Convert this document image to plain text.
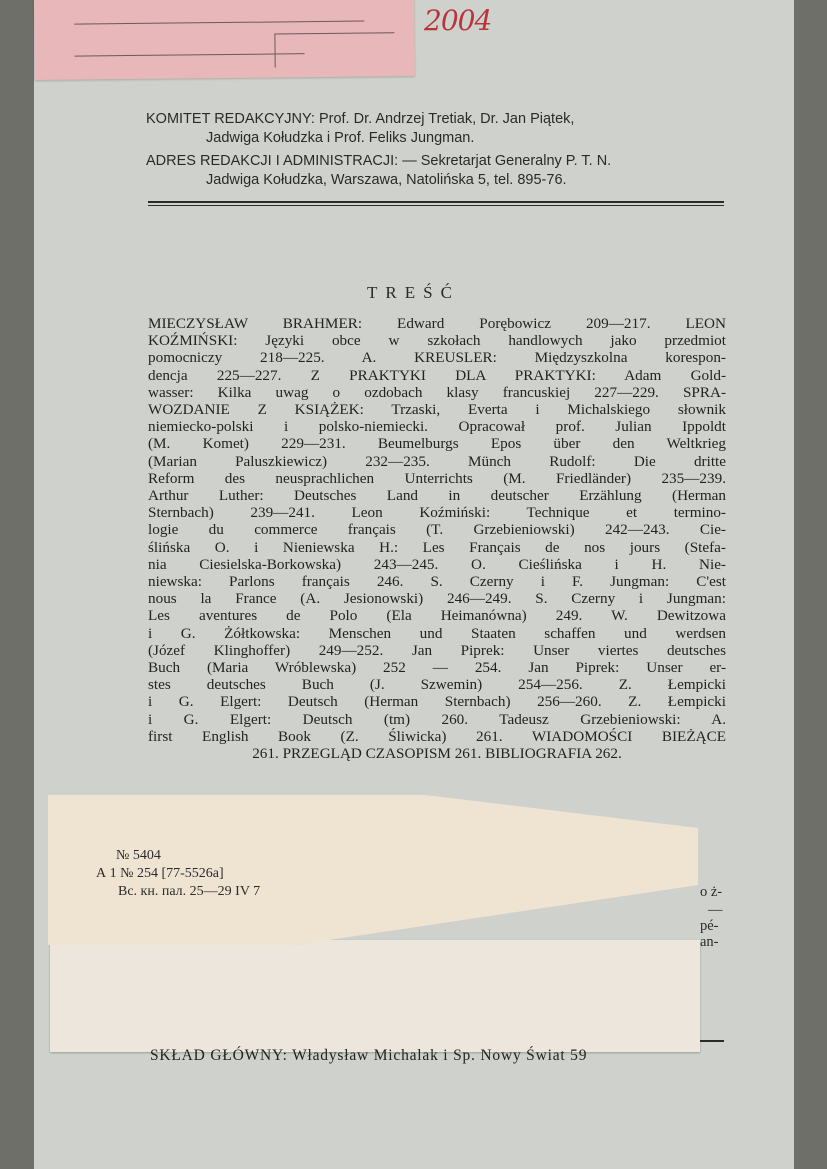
2004

KOMITET REDAKCYJNY: Prof. Dr. Andrzej Tretiak, Dr. Jan Piątek,

Jadwiga Kołudzka i Prof. Feliks Jungman.

ADRES REDAKCJI I ADMINISTRACJI: — Sekretarjat Generalny P. T. N.

Jadwiga Kołudzka, Warszawa, Natolińska 5, tel. 895-76.

TREŚĆ
MIECZYSŁAW BRAHMER: Edward Porębowicz 209—217. LEON
KOŹMIŃSKI: Języki obce w szkołach handlowych jako przedmiot
pomocniczy 218—225. A. KREUSLER: Międzyszkolna korespon-
dencja 225—227. Z PRAKTYKI DLA PRAKTYKI: Adam Gold-
wasser: Kilka uwag o ozdobach klasy francuskiej 227—229. SPRA-
WOZDANIE Z KSIĄŻEK: Trzaski, Everta i Michalskiego słownik
niemiecko-polski i polsko-niemiecki. Opracował prof. Julian Ippoldt
(M. Komet) 229—231. Beumelburgs Epos über den Weltkrieg
(Marian Paluszkiewicz) 232—235. Münch Rudolf: Die dritte
Reform des neusprachlichen Unterrichts (M. Friedländer) 235—239.
Arthur Luther: Deutsches Land in deutscher Erzählung (Herman
Sternbach) 239—241. Leon Koźmiński: Technique et termino-
logie du commerce français (T. Grzebieniowski) 242—243. Cie-
ślińska O. i Nieniewska H.: Les Français de nos jours (Stefa-
nia Ciesielska-Borkowska) 243—245. O. Cieślińska i H. Nie-
niewska: Parlons français 246. S. Czerny i F. Jungman: C'est
nous la France (A. Jesionowski) 246—249. S. Czerny i Jungman:
Les aventures de Polo (Ela Heimanówna) 249. W. Dewitzowa
i G. Żółtkowska: Menschen und Staaten schaffen und werdsen
(Józef Klinghoffer) 249—252. Jan Piprek: Unser viertes deutsches
Buch (Maria Wróblewska) 252 — 254. Jan Piprek: Unser er-
stes deutsches Buch (J. Szwemin) 254—256. Z. Łempicki
i G. Elgert: Deutsch (Herman Sternbach) 256—260. Z. Łempicki
i G. Elgert: Deutsch (tm) 260. Tadeusz Grzebieniowski: A.
first English Book (Z. Śliwicka) 261. WIADOMOŚCI BIEŻĄCE
261. PRZEGLĄD CZASOPISM 261. BIBLIOGRAFIA 262.
№ 5404
А 1 № 254 [77-5526а]
Вс. кн. пал. 25—29 IV 7	o ż-
—
pé-
an-
SKŁAD GŁÓWNY: Władysław Michalak i Sp. Nowy Świat 59
